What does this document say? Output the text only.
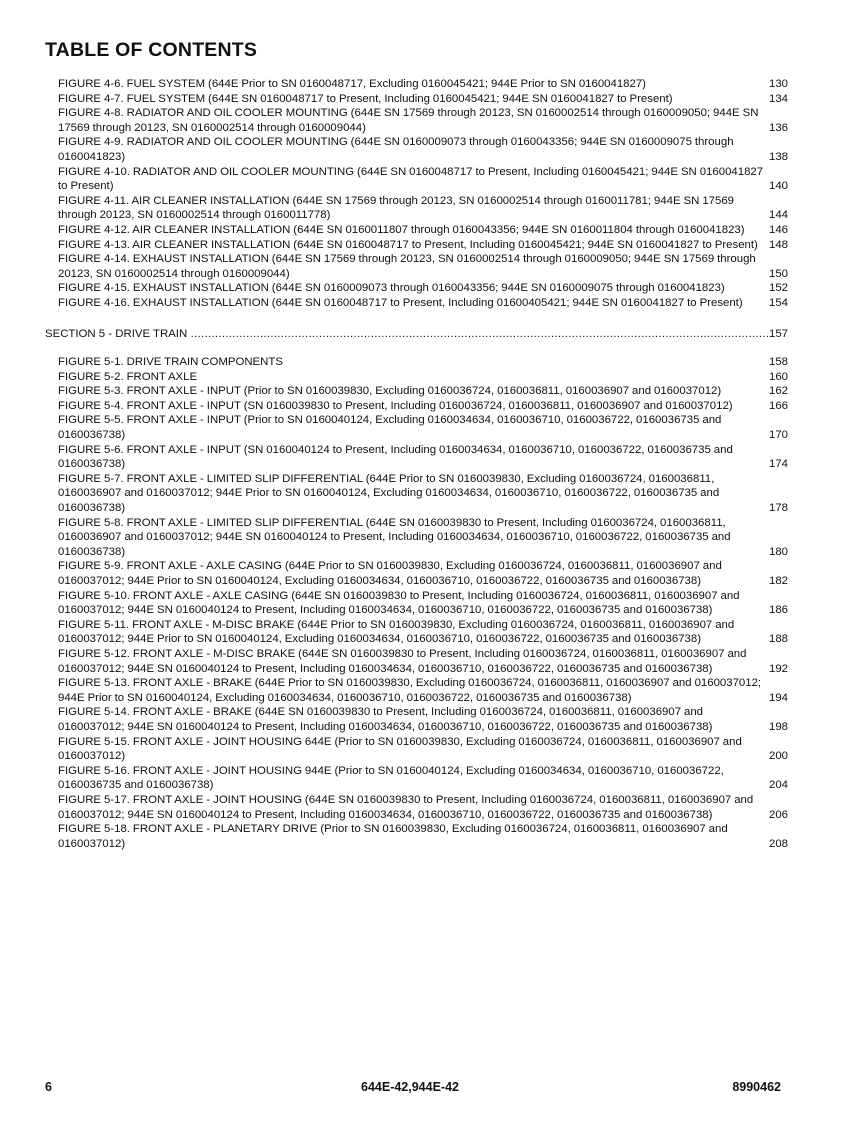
TABLE OF CONTENTS
FIGURE 4-6. FUEL SYSTEM (644E Prior to SN 0160048717, Excluding 0160045421; 944E Prior to SN 0160041827) .....	130
FIGURE 4-7. FUEL SYSTEM (644E SN 0160048717 to Present, Including 0160045421; 944E SN 0160041827 to Present) .....	134
FIGURE 4-8. RADIATOR AND OIL COOLER MOUNTING (644E SN 17569 through 20123, SN 0160002514 through 0160009050; 944E SN 17569 through 20123, SN 0160002514 through 0160009044) .....	136
FIGURE 4-9. RADIATOR AND OIL COOLER MOUNTING (644E SN 0160009073 through 0160043356; 944E SN 0160009075 through 0160041823) .....	138
FIGURE 4-10. RADIATOR AND OIL COOLER MOUNTING (644E SN 0160048717 to Present, Including 0160045421; 944E SN 0160041827 to Present) .....	140
FIGURE 4-11. AIR CLEANER INSTALLATION (644E SN 17569 through 20123, SN 0160002514 through 0160011781; 944E SN 17569 through 20123, SN 0160002514 through 0160011778) .....	144
FIGURE 4-12. AIR CLEANER INSTALLATION (644E SN 0160011807 through 0160043356; 944E SN 0160011804 through 0160041823) .....	146
FIGURE 4-13. AIR CLEANER INSTALLATION (644E SN 0160048717 to Present, Including 0160045421; 944E SN 0160041827 to Present) ..... 148
FIGURE 4-14. EXHAUST INSTALLATION (644E SN 17569 through 20123, SN 0160002514 through 0160009050; 944E SN 17569 through 20123, SN 0160002514 through 0160009044) .....	150
FIGURE 4-15. EXHAUST INSTALLATION (644E SN 0160009073 through 0160043356; 944E SN 0160009075 through 0160041823) .....	152
FIGURE 4-16. EXHAUST INSTALLATION (644E SN 0160048717 to Present, Including 01600405421; 944E SN 0160041827 to Present) .....	154
SECTION 5 - DRIVE TRAIN .....	157
FIGURE 5-1. DRIVE TRAIN COMPONENTS .....	158
FIGURE 5-2. FRONT AXLE .....	160
FIGURE 5-3. FRONT AXLE - INPUT (Prior to SN 0160039830, Excluding 0160036724, 0160036811, 0160036907 and 0160037012) .....	162
FIGURE 5-4. FRONT AXLE - INPUT (SN 0160039830 to Present, Including 0160036724, 0160036811, 0160036907 and 0160037012) .....	166
FIGURE 5-5. FRONT AXLE - INPUT (Prior to SN 0160040124, Excluding 0160034634, 0160036710, 0160036722, 0160036735 and 0160036738) .....	170
FIGURE 5-6. FRONT AXLE - INPUT (SN 0160040124 to Present, Including 0160034634, 0160036710, 0160036722, 0160036735 and 0160036738) .....	174
FIGURE 5-7. FRONT AXLE - LIMITED SLIP DIFFERENTIAL (644E Prior to SN 0160039830, Excluding 0160036724, 0160036811, 0160036907 and 0160037012; 944E Prior to SN 0160040124, Excluding 0160034634, 0160036710, 0160036722, 0160036735 and 0160036738) .....	178
FIGURE 5-8. FRONT AXLE - LIMITED SLIP DIFFERENTIAL (644E SN 0160039830 to Present, Including 0160036724, 0160036811, 0160036907 and 0160037012; 944E SN 0160040124 to Present, Including 0160034634, 0160036710, 0160036722, 0160036735 and 0160036738) .....	180
FIGURE 5-9. FRONT AXLE - AXLE CASING (644E Prior to SN 0160039830, Excluding 0160036724, 0160036811, 0160036907 and 0160037012; 944E Prior to SN 0160040124, Excluding 0160034634, 0160036710, 0160036722, 0160036735 and 0160036738) .....	182
FIGURE 5-10. FRONT AXLE - AXLE CASING (644E SN 0160039830 to Present, Including 0160036724, 0160036811, 0160036907 and 0160037012; 944E SN 0160040124 to Present, Including 0160034634, 0160036710, 0160036722, 0160036735 and 0160036738) .....	186
FIGURE 5-11. FRONT AXLE - M-DISC BRAKE (644E Prior to SN 0160039830, Excluding 0160036724, 0160036811, 0160036907 and 0160037012; 944E Prior to SN 0160040124, Excluding 0160034634, 0160036710, 0160036722, 0160036735 and 0160036738) .....	188
FIGURE 5-12. FRONT AXLE - M-DISC BRAKE (644E SN 0160039830 to Present, Including 0160036724, 0160036811, 0160036907 and 0160037012; 944E SN 0160040124 to Present, Including 0160034634, 0160036710, 0160036722, 0160036735 and 0160036738) .....	192
FIGURE 5-13. FRONT AXLE - BRAKE (644E Prior to SN 0160039830, Excluding 0160036724, 0160036811, 0160036907 and 0160037012; 944E Prior to SN 0160040124, Excluding 0160034634, 0160036710, 0160036722, 0160036735 and 0160036738) .....	194
FIGURE 5-14. FRONT AXLE - BRAKE (644E SN 0160039830 to Present, Including 0160036724, 0160036811, 0160036907 and 0160037012; 944E SN 0160040124 to Present, Including 0160034634, 0160036710, 0160036722, 0160036735 and 0160036738) .....	198
FIGURE 5-15. FRONT AXLE - JOINT HOUSING 644E (Prior to SN 0160039830, Excluding 0160036724, 0160036811, 0160036907 and 0160037012) .....	200
FIGURE 5-16. FRONT AXLE - JOINT HOUSING 944E (Prior to SN 0160040124, Excluding 0160034634, 0160036710, 0160036722, 0160036735 and 0160036738) .....	204
FIGURE 5-17. FRONT AXLE - JOINT HOUSING (644E SN 0160039830 to Present, Including 0160036724, 0160036811, 0160036907 and 0160037012; 944E SN 0160040124 to Present, Including 0160034634, 0160036710, 0160036722, 0160036735 and 0160036738) .....	206
FIGURE 5-18. FRONT AXLE - PLANETARY DRIVE (Prior to SN 0160039830, Excluding 0160036724, 0160036811, 0160036907 and 0160037012) .....	208
6	644E-42,944E-42	8990462
